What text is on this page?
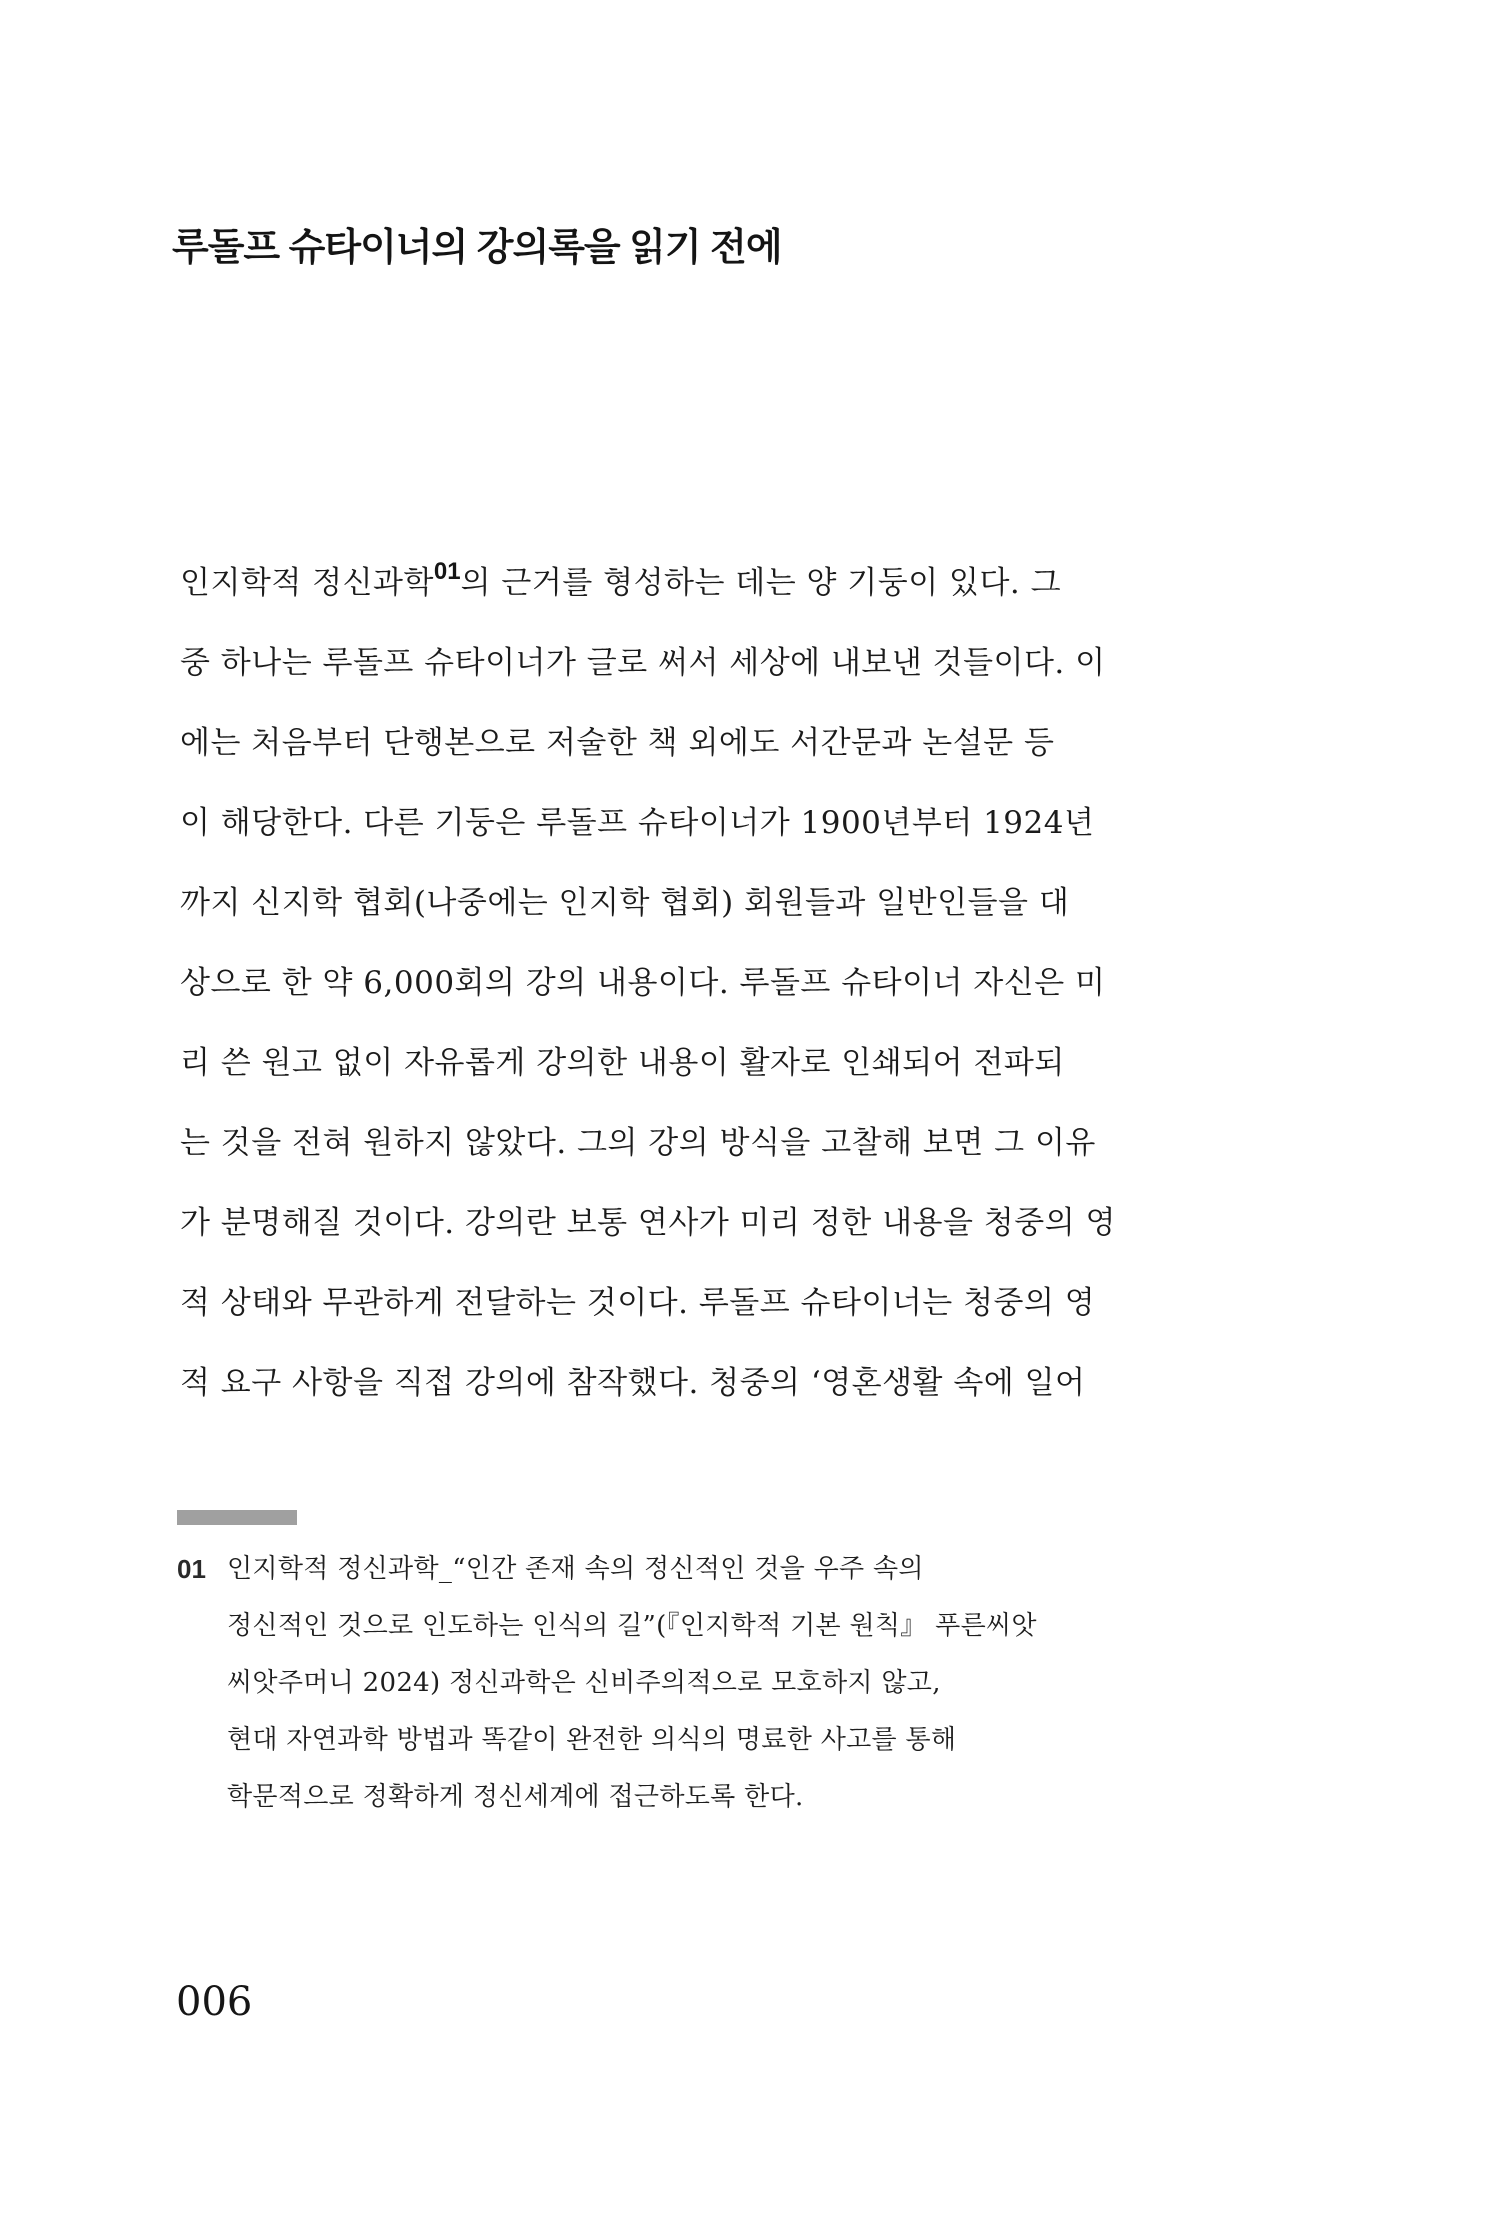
루돌프 슈타이너의 강의록을 읽기 전에

인지학적 정신과학$^{01}$의 근거를 형성하는 데는 양 기둥이 있다. 그

중 하나는 루돌프 슈타이너가 글로 써서 세상에 내보낸 것들이다. 이

에는 처음부터 단행본으로 저술한 책 외에도 서간문과 논설문 등

이 해당한다. 다른 기둥은 루돌프 슈타이너가 1900년부터 1924년

까지 신지학 협회(나중에는 인지학 협회) 회원들과 일반인들을 대

상으로 한 약 6,000회의 강의 내용이다. 루돌프 슈타이너 자신은 미

리 쓴 원고 없이 자유롭게 강의한 내용이 활자로 인쇄되어 전파되

는 것을 전혀 원하지 않았다. 그의 강의 방식을 고찰해 보면 그 이유

가 분명해질 것이다. 강의란 보통 연사가 미리 정한 내용을 청중의 영

적 상태와 무관하게 전달하는 것이다. 루돌프 슈타이너는 청중의 영

적 요구 사항을 직접 강의에 참작했다. 청중의 ‘영혼생활 속에 일어

01 인지학적 정신과학_“인간 존재 속의 정신적인 것을 우주 속의

정신적인 것으로 인도하는 인식의 길”(『인지학적 기본 원칙』 푸른씨앗

씨앗주머니 2024) 정신과학은 신비주의적으로 모호하지 않고,

현대 자연과학 방법과 똑같이 완전한 의식의 명료한 사고를 통해

학문적으로 정확하게 정신세계에 접근하도록 한다.

006
